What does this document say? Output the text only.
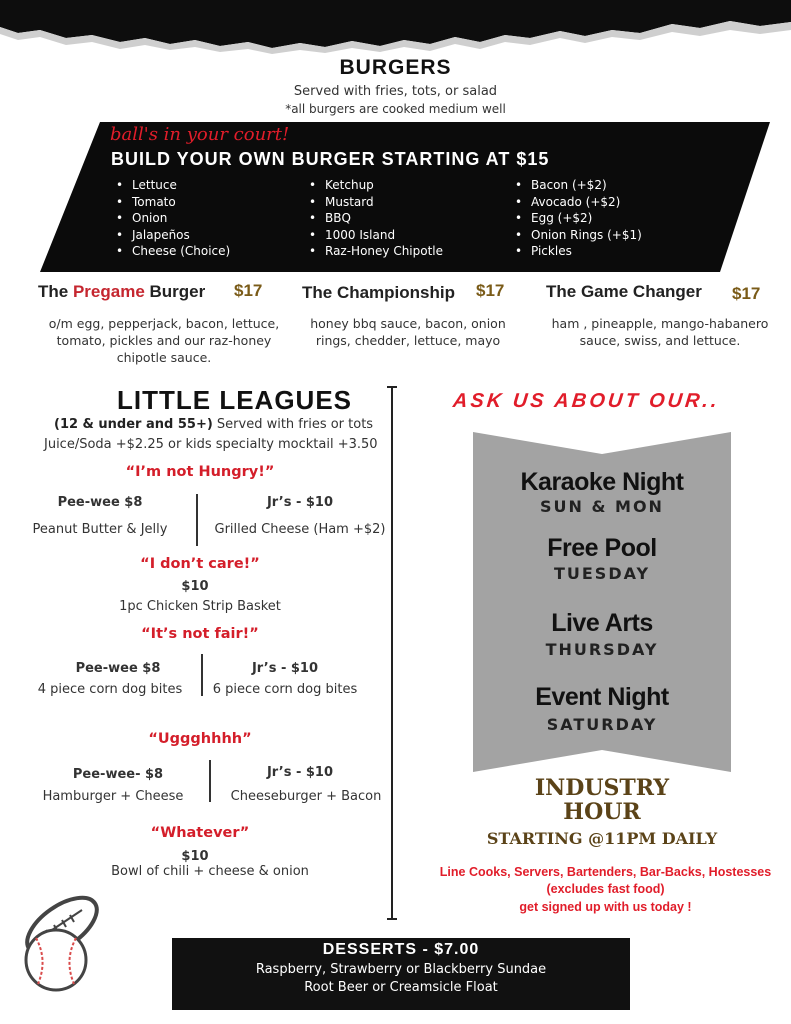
BURGERS
Served with fries, tots, or salad
*all burgers are cooked medium well
ball's in your court!
BUILD YOUR OWN BURGER STARTING AT $15
• Lettuce
• Tomato
• Onion
• Jalapeños
• Cheese (Choice)
• Ketchup
• Mustard
• BBQ
• 1000 Island
• Raz-Honey Chipotle
• Bacon (+$2)
• Avocado (+$2)
• Egg (+$2)
• Onion Rings (+$1)
• Pickles
The Pregame Burger $17
o/m egg, pepperjack, bacon, lettuce, tomato, pickles and our raz-honey chipotle sauce.
The Championship $17
honey bbq sauce, bacon, onion rings, chedder, lettuce, mayo
The Game Changer $17
ham , pineapple, mango-habanero sauce, swiss, and lettuce.
LITTLE LEAGUES
(12 & under and 55+) Served with fries or tots
Juice/Soda +$2.25 or kids specialty mocktail +3.50
“I’m not Hungry!”
Pee-wee $8
Peanut Butter & Jelly
Jr’s - $10
Grilled Cheese (Ham +$2)
“I don’t care!”
$10
1pc Chicken Strip Basket
“It’s not fair!”
Pee-wee $8
4 piece corn dog bites
Jr’s - $10
6 piece corn dog bites
“Uggghhhh”
Pee-wee- $8
Hamburger + Cheese
Jr’s - $10
Cheeseburger + Bacon
“Whatever”
$10
Bowl of chili + cheese & onion
ASK US ABOUT OUR..
Karaoke Night
SUN & MON
Free Pool
TUESDAY
Live Arts
THURSDAY
Event Night
SATURDAY
INDUSTRY
HOUR
STARTING @11PM DAILY
Line Cooks, Servers, Bartenders, Bar-Backs, Hostesses
(excludes fast food)
get signed up with us today !
DESSERTS - $7.00
Raspberry, Strawberry or Blackberry Sundae
Root Beer or Creamsicle Float
